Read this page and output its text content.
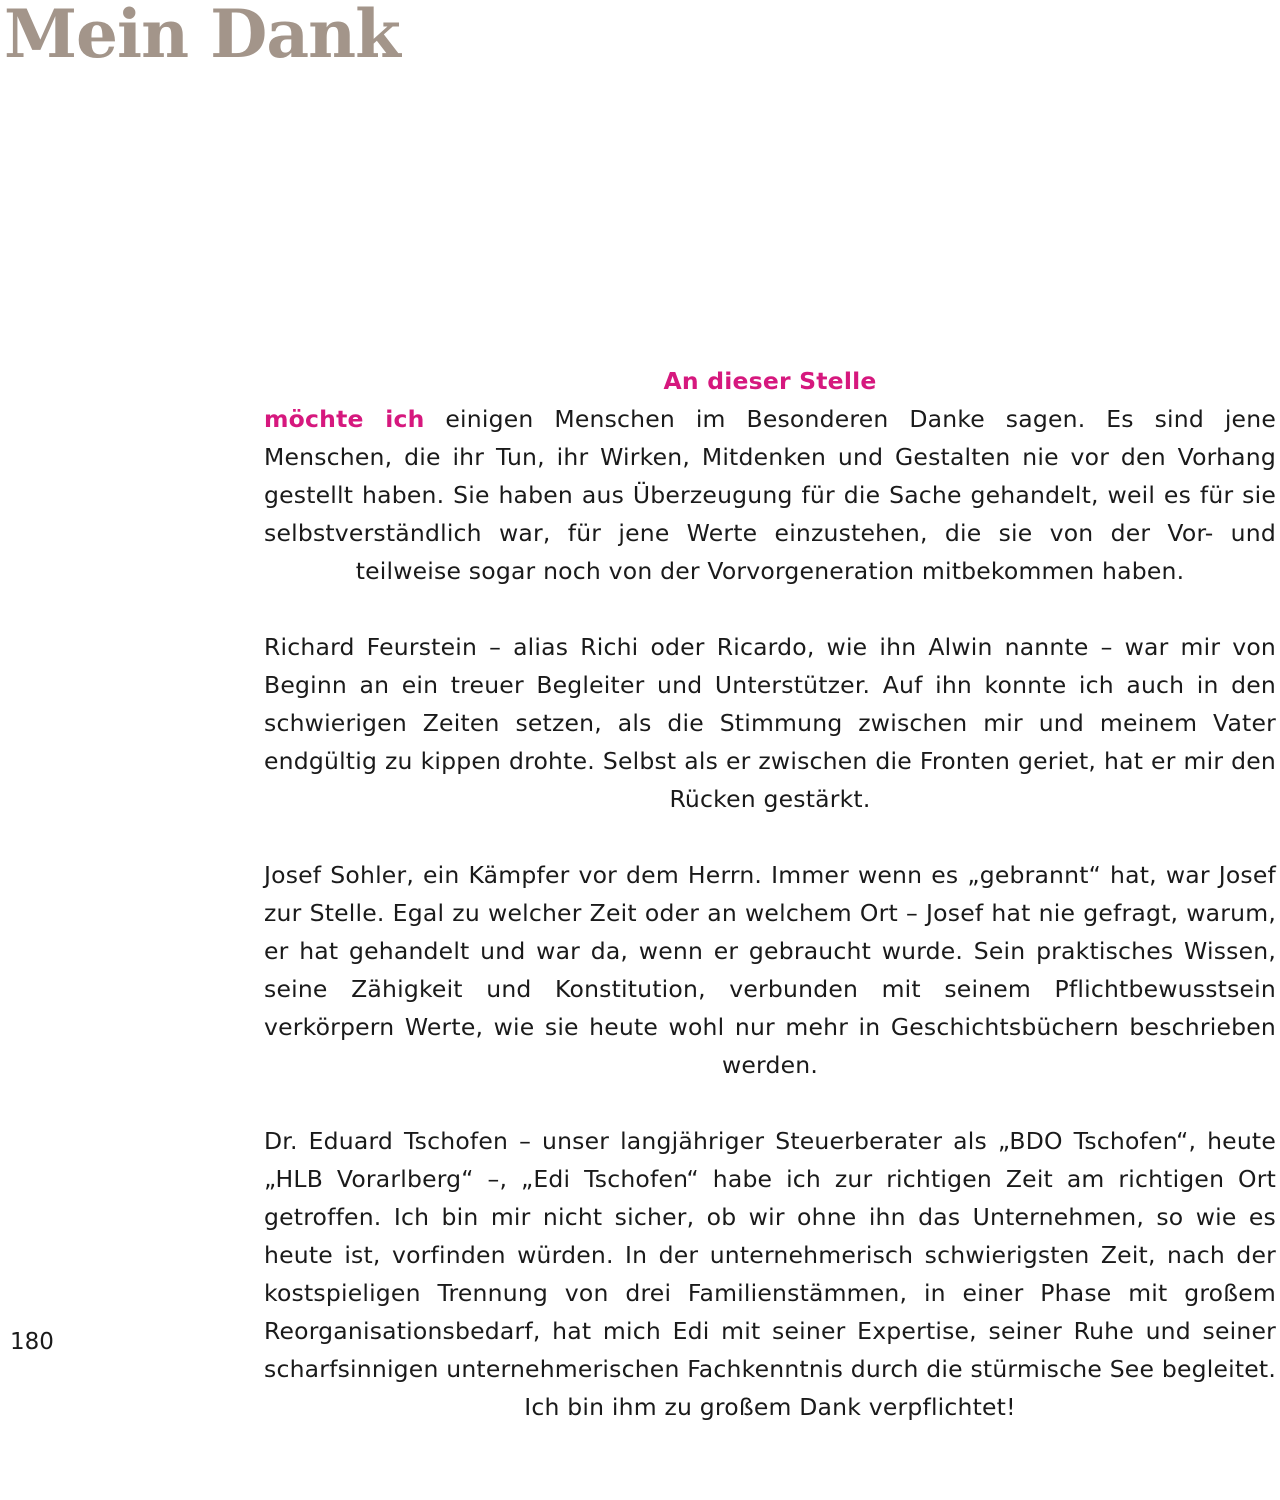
Mein Dank

An dieser Stelle
möchte ich einigen Menschen im Besonderen Danke sagen. Es sind jene Menschen, die ihr Tun, ihr Wirken, Mitdenken und Gestalten nie vor den Vorhang gestellt haben. Sie haben aus Überzeugung für die Sache gehandelt, weil es für sie selbstverständlich war, für jene Werte einzustehen, die sie von der Vor- und teilweise sogar noch von der Vorvorgeneration mitbekommen haben.

Richard Feurstein – alias Richi oder Ricardo, wie ihn Alwin nannte – war mir von Beginn an ein treuer Begleiter und Unterstützer. Auf ihn konnte ich auch in den schwierigen Zeiten setzen, als die Stimmung zwischen mir und meinem Vater endgültig zu kippen drohte. Selbst als er zwischen die Fronten geriet, hat er mir den Rücken gestärkt.

Josef Sohler, ein Kämpfer vor dem Herrn. Immer wenn es „gebrannt“ hat, war Josef zur Stelle. Egal zu welcher Zeit oder an welchem Ort – Josef hat nie gefragt, warum, er hat gehandelt und war da, wenn er gebraucht wurde. Sein praktisches Wissen, seine Zähigkeit und Konstitution, verbunden mit seinem Pflichtbewusstsein verkörpern Werte, wie sie heute wohl nur mehr in Geschichtsbüchern beschrieben werden.

Dr. Eduard Tschofen – unser langjähriger Steuerberater als „BDO Tschofen“, heute „HLB Vorarlberg“ –, „Edi Tschofen“ habe ich zur richtigen Zeit am richtigen Ort getroffen. Ich bin mir nicht sicher, ob wir ohne ihn das Unternehmen, so wie es heute ist, vorfinden würden. In der unternehmerisch schwierigsten Zeit, nach der kostspieligen Trennung von drei Familienstämmen, in einer Phase mit großem Reorganisationsbedarf, hat mich Edi mit seiner Expertise, seiner Ruhe und seiner scharfsinnigen unternehmerischen Fachkenntnis durch die stürmische See begleitet. Ich bin ihm zu großem Dank verpflichtet!

180
